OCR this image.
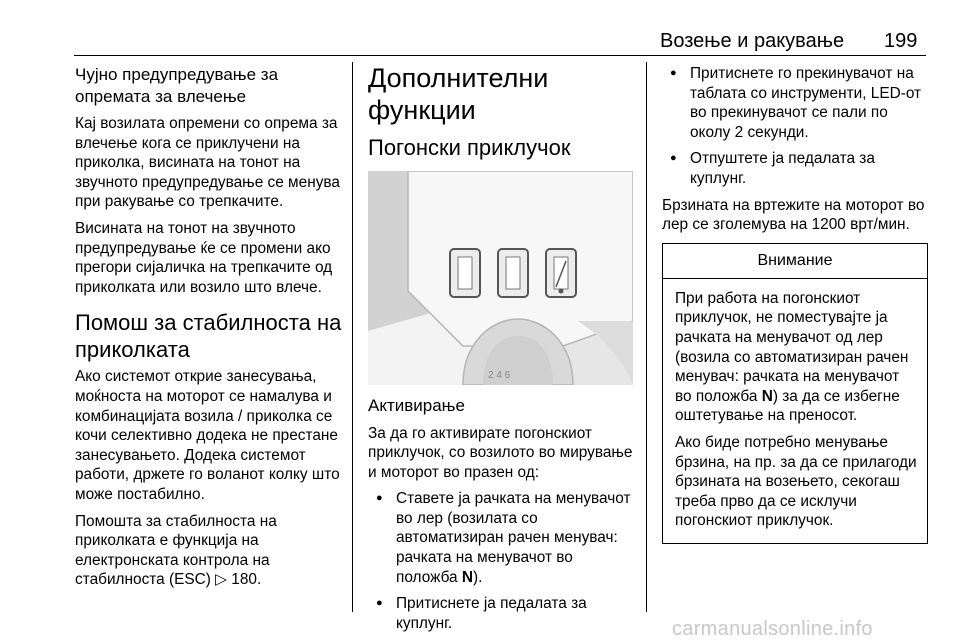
Возење и ракување 199
Чујно предупредување за опремата за влечење

Кај возилата опремени со опрема за влечење кога се приклучени на приколка, висината на тонот на звучното предупредување се менува при ракување со трепкачите.

Висината на тонот на звучното предупредување ќе се промени ако прегори сијаличка на трепкачите од приколката или возило што влече.

Помош за стабилноста на приколката

Ако системот открие занесувања, моќноста на моторот се намалува и комбинацијата возила / приколка се кочи селективно додека не престане занесувањето. Додека системот работи, држете го воланот колку што може постабилно.

Помошта за стабилноста на приколката е функција на електронската контрола на стабилноста (ESC) ▷ 180.

Дополнителни функции
Погонски приклучок
2 4 6
Активирање

За да го активирате погонскиот приклучок, со возилото во мирување и моторот во празен од:

● Ставете ја рачката на менувачот во лер (возилата со автоматизиран рачен менувач: рачката на менувачот во положба N).
● Притиснете ја педалата за куплунг.
● Притиснете го прекинувачот на таблата со инструменти, LED-от во прекинувачот се пали по околу 2 секунди.
● Отпуштете ја педалата за куплунг.

Брзината на вртежите на моторот во лер се зголемува на 1200 врт/мин.

Внимание

При работа на погонскиот приклучок, не поместувајте ја рачката на менувачот од лер (возила со автоматизиран рачен менувач: рачката на менувачот во положба N) за да се избегне оштетување на преносот.

Ако биде потребно менување брзина, на пр. за да се прилагоди брзината на возењето, секогаш треба прво да се исклучи погонскиот приклучок.

carmanualsonline.info
